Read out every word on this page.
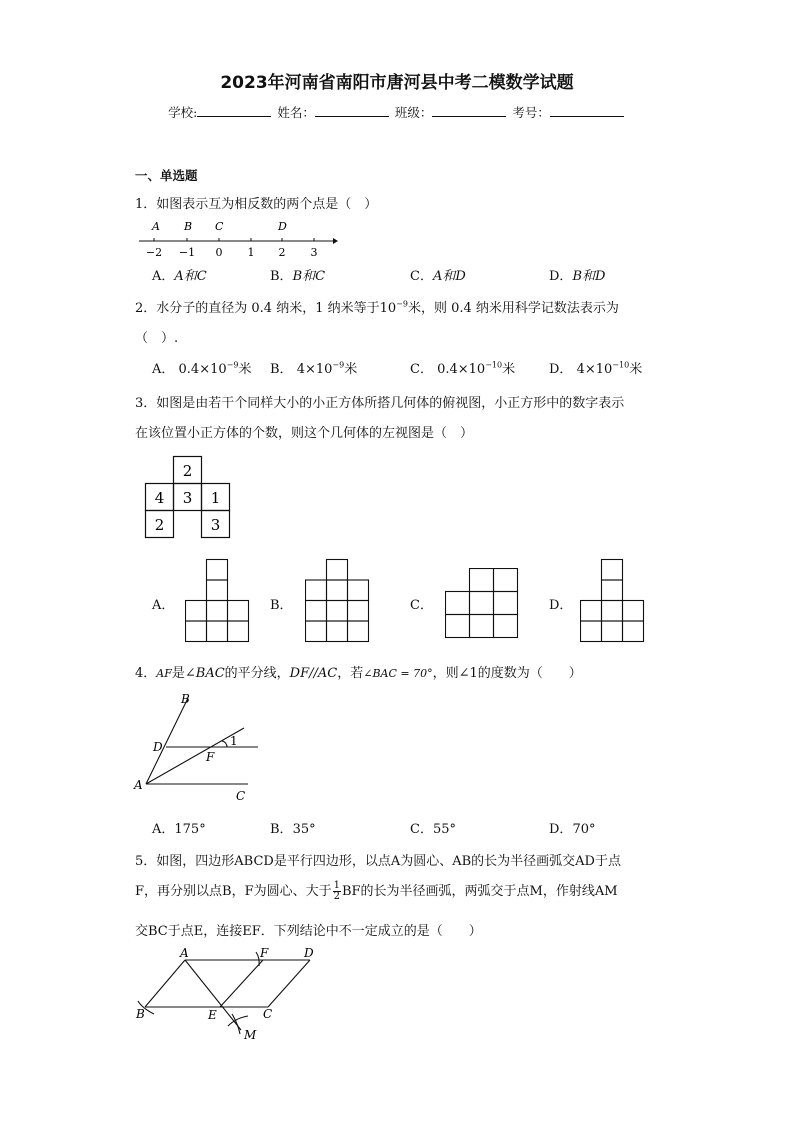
2023年河南省南阳市唐河县中考二模数学试题
学校:	姓名：	班级：	考号：
一、单选题
1．如图表示互为相反数的两个点是（　）
A B C	D
−2 −1 0 1 2 3
A．A和C	B．B和C	C．A和D	D．B和D
2．水分子的直径为 0.4 纳米，1 纳米等于$10^{-9}$米，则 0.4 纳米用科学记数法表示为
（　）.
A． $0.4\times 10^{-9}$米 B． $4\times 10^{-9}$米	C． $0.4\times 10^{-10}$米	D． $4\times 10^{-10}$米
3．如图是由若干个同样大小的小正方体所搭几何体的俯视图，小正方形中的数字表示
在该位置小正方体的个数，则这个几何体的左视图是（　）
2
4 3 1
2	3
A．	B．	C．	D．
4．AF是∠BAC的平分线，DF//AC，若∠BAC = 70°，则∠1的度数为（　　）
B
D
F
1
A
C
A．175°	B．35°	C．55°	D．70°
5．如图，四边形ABCD是平行四边形，以点A为圆心、AB的长为半径画弧交AD于点
F，再分别以点B，F为圆心、大于 $\frac{1}{2}$ BF的长为半径画弧，两弧交于点M，作射线AM
交BC于点E，连接EF．下列结论中不一定成立的是（　　）
A	F	D
B	E	C
M
